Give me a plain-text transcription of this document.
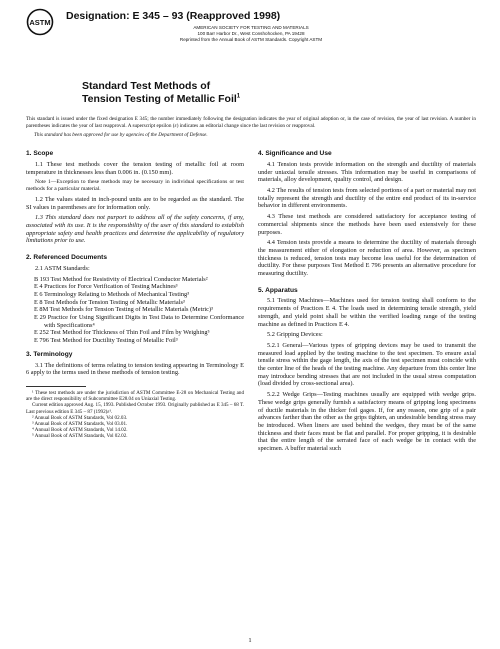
ASTM
Designation: E 345 – 93 (Reapproved 1998)
AMERICAN SOCIETY FOR TESTING AND MATERIALS
100 Barr Harbor Dr., West Conshohocken, PA 19428
Reprinted from the Annual Book of ASTM Standards. Copyright ASTM
Standard Test Methods of
Tension Testing of Metallic Foil$^1$
This standard is issued under the fixed designation E 345; the number immediately following the designation indicates the year of original adoption or, in the case of revision, the year of last revision. A number in parentheses indicates the year of last reapproval. A superscript epsilon (ε) indicates an editorial change since the last revision or reapproval.
This standard has been approved for use by agencies of the Department of Defense.
1. Scope

1.1 These test methods cover the tension testing of metallic foil at room temperature in thicknesses less than 0.006 in. (0.150 mm).

Note 1—Exception to these methods may be necessary in individual specifications or test methods for a particular material.

1.2 The values stated in inch-pound units are to be regarded as the standard. The SI values in parentheses are for information only.

1.3 This standard does not purport to address all of the safety concerns, if any, associated with its use. It is the responsibility of the user of this standard to establish appropriate safety and health practices and determine the applicability of regulatory limitations prior to use.

2. Referenced Documents

2.1 ASTM Standards:

B 193 Test Method for Resistivity of Electrical Conductor Materials²

E 4 Practices for Force Verification of Testing Machines³

E 6 Terminology Relating to Methods of Mechanical Testing³

E 8 Test Methods for Tension Testing of Metallic Materials³

E 8M Test Methods for Tension Testing of Metallic Materials (Metric)³

E 29 Practice for Using Significant Digits in Test Data to Determine Conformance with Specifications⁴

E 252 Test Method for Thickness of Thin Foil and Film by Weighing⁵

E 796 Test Method for Ductility Testing of Metallic Foil³

3. Terminology

3.1 The definitions of terms relating to tension testing appearing in Terminology E 6 apply to the terms used in these methods of tension testing.

¹ These test methods are under the jurisdiction of ASTM Committee E-28 on Mechanical Testing and are the direct responsibility of Subcommittee E28.04 on Uniaxial Testing.

Current edition approved Aug. 15, 1993. Published October 1993. Originally published as E 345 – 68 T. Last previous edition E 345 – 87 (1992)ε¹.

² Annual Book of ASTM Standards, Vol 02.03.

³ Annual Book of ASTM Standards, Vol 03.01.

⁴ Annual Book of ASTM Standards, Vol 14.02.

⁵ Annual Book of ASTM Standards, Vol 02.02.

4. Significance and Use

4.1 Tension tests provide information on the strength and ductility of materials under uniaxial tensile stresses. This information may be useful in comparisons of materials, alloy development, quality control, and design.

4.2 The results of tension tests from selected portions of a part or material may not totally represent the strength and ductility of the entire end product of its in-service behavior in different environments.

4.3 These test methods are considered satisfactory for acceptance testing of commercial shipments since the methods have been used extensively for these purposes.

4.4 Tension tests provide a means to determine the ductility of materials through the measurement either of elongation or reduction of area. However, as specimen thickness is reduced, tension tests may become less useful for the determination of ductility. For these purposes Test Method E 796 presents an alternative procedure for measuring ductility.

5. Apparatus

5.1 Testing Machines—Machines used for tension testing shall conform to the requirements of Practices E 4. The loads used in determining tensile strength, yield strength, and yield point shall be within the verified loading range of the testing machine as defined in Practices E 4.

5.2 Gripping Devices:

5.2.1 General—Various types of gripping devices may be used to transmit the measured load applied by the testing machine to the test specimen. To ensure axial tensile stress within the gage length, the axis of the test specimen must coincide with the center line of the heads of the testing machine. Any departure from this center line may introduce bending stresses that are not included in the usual stress computation (load divided by cross-sectional area).

5.2.2 Wedge Grips—Testing machines usually are equipped with wedge grips. These wedge grips generally furnish a satisfactory means of gripping long specimens of ductile materials in the thicker foil gages. If, for any reason, one grip of a pair advances farther than the other as the grips tighten, an undesirable bending stress may be introduced. When liners are used behind the wedges, they must be of the same thickness and their faces must be flat and parallel. For proper gripping, it is desirable that the entire length of the serrated face of each wedge be in contact with the specimen. A buffer material such

1
